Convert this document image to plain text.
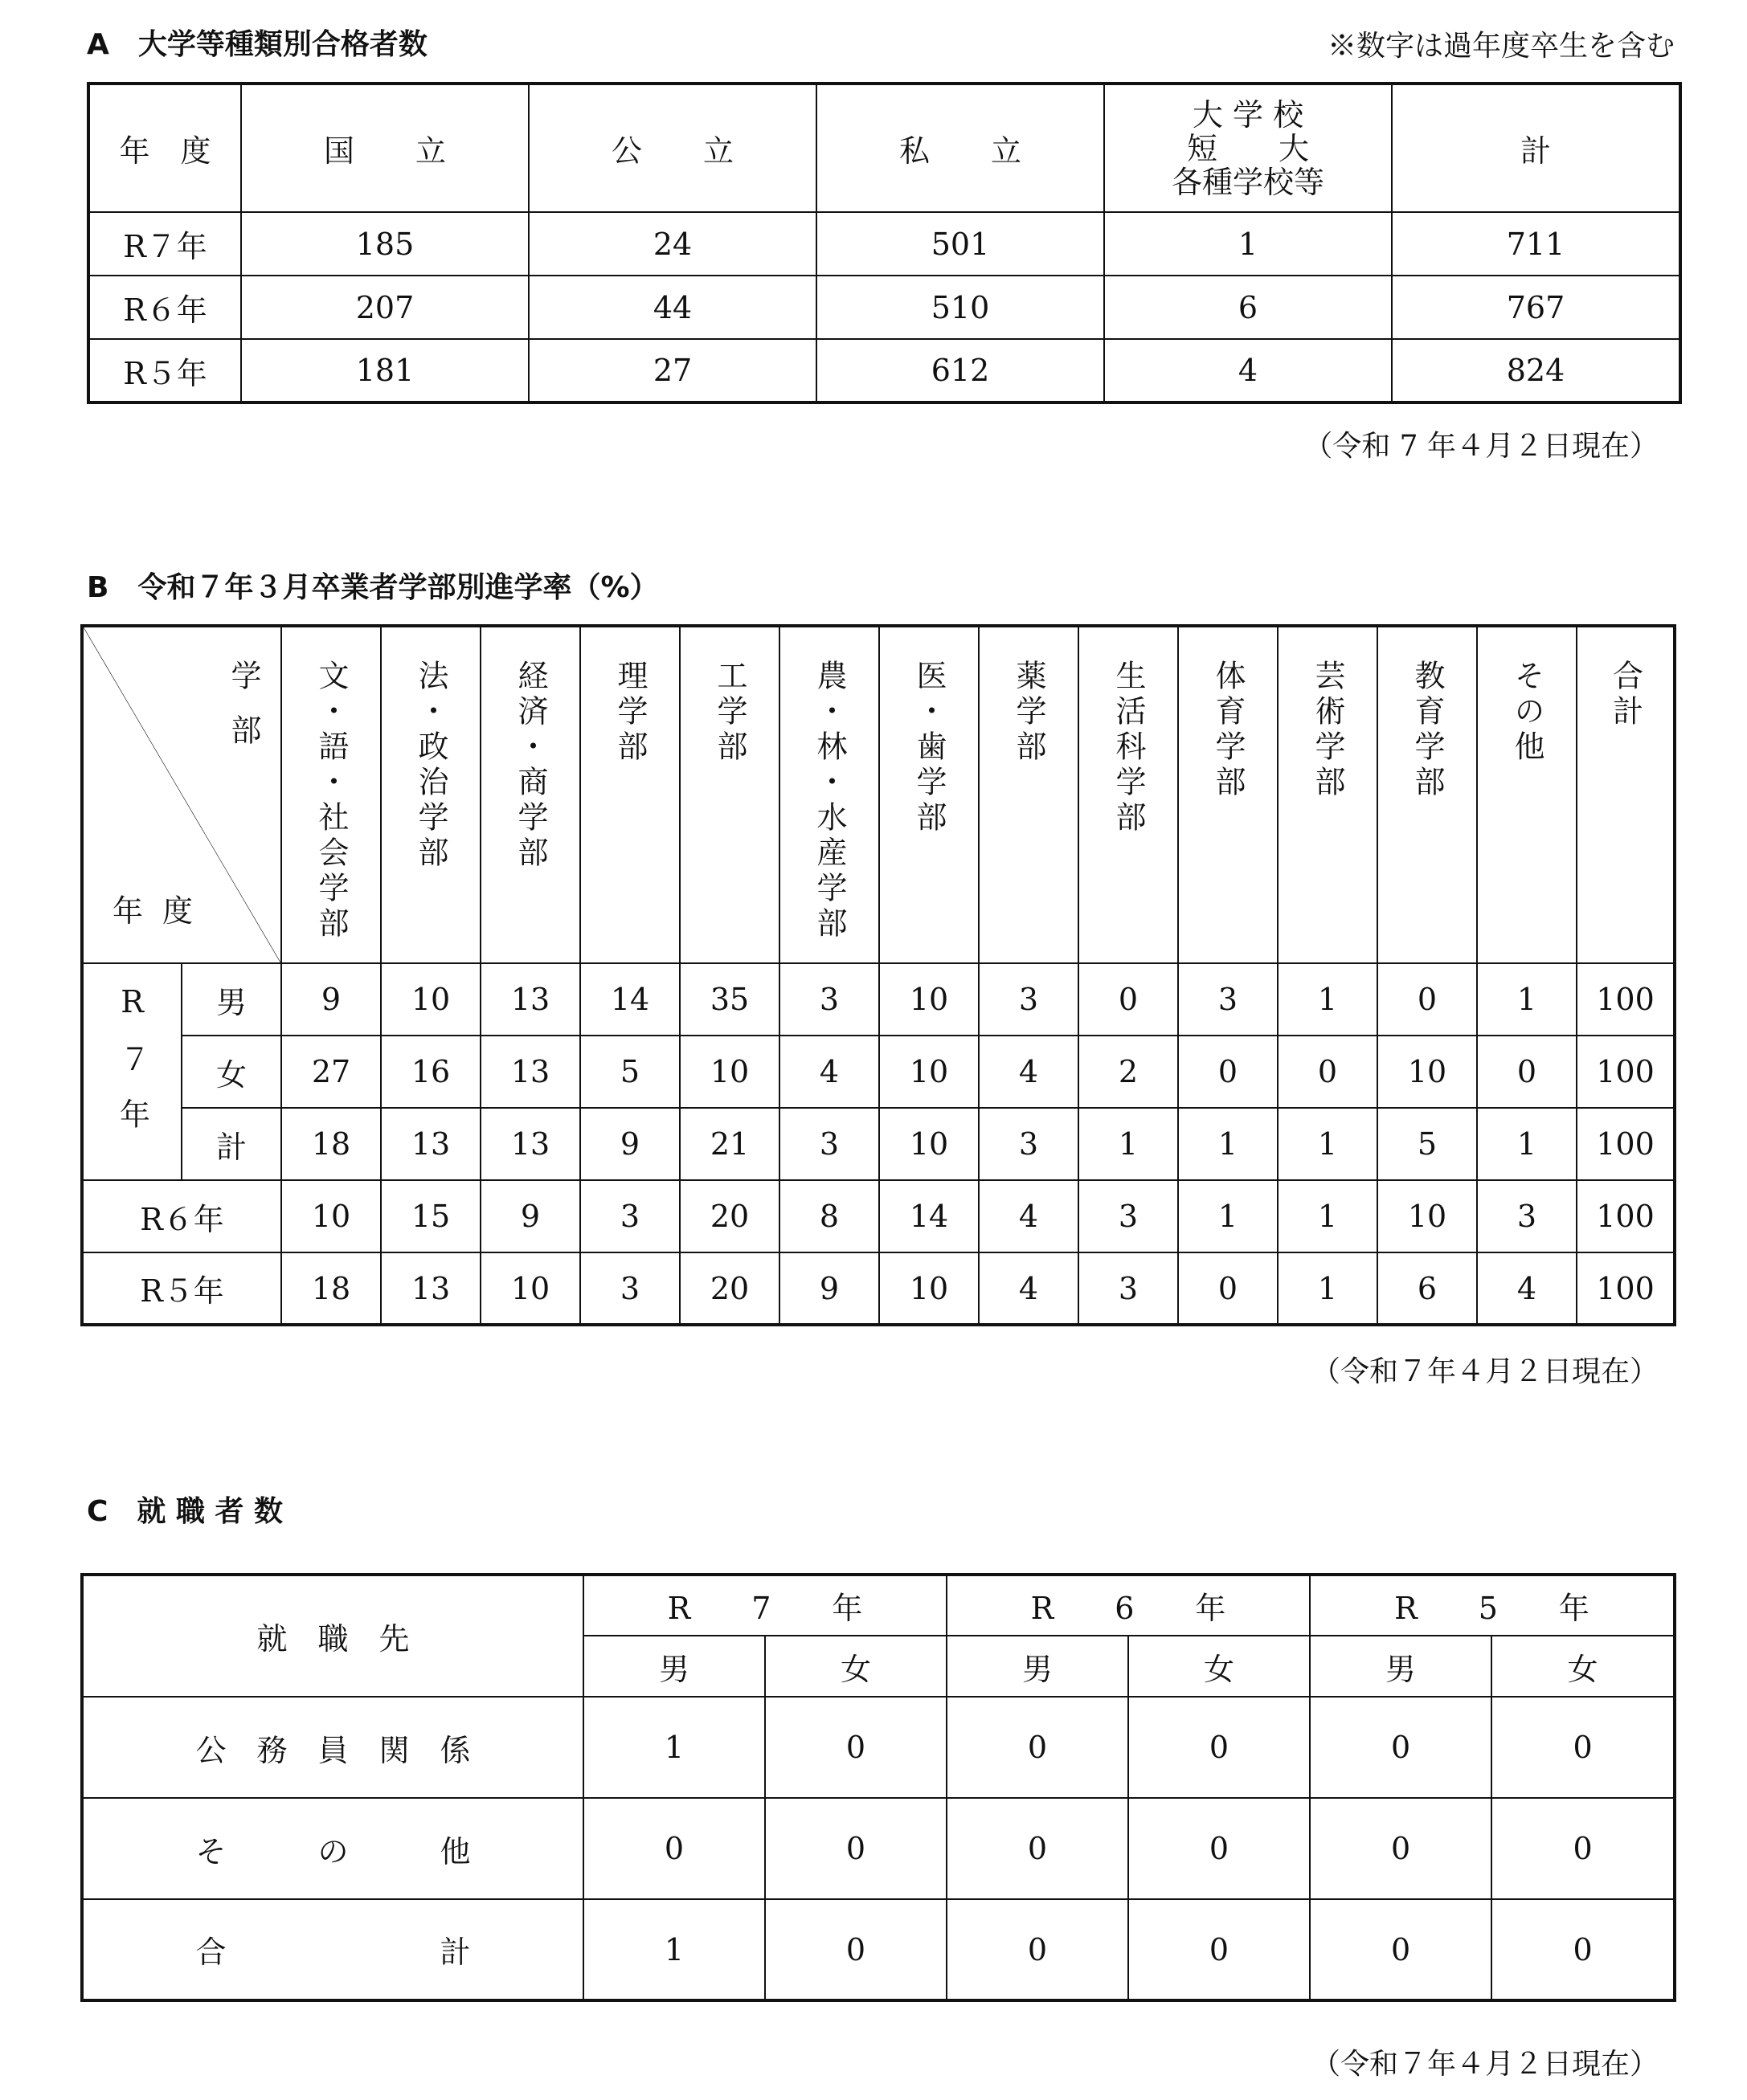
A　大学等種類別合格者数	※数字は過年度卒生を含む
年　度	国　　立	公　　立	私　　立	大 学 校
短　　大
各種学校等	計
R７年	185	24	501	1	711
R６年	207	44	510	6	767
R５年	181	27	612	4	824
（令和 7 年４月２日現在）
B　令和７年３月卒業者学部別進学率（%）
学部
年度		文・語・社会学部	法・政治学部	経済・商学部	理学部	工学部	農・林・水産学部	医・歯学部	薬学部	生活科学部	体育学部	芸術学部	教育学部	その他	合計
R７年	男	9	10	13	14	35	3	10	3	0	3	1	0	1	100
	女	27	16	13	5	10	4	10	4	2	0	0	10	0	100
	計	18	13	13	9	21	3	10	3	1	1	1	5	1	100
R６年		10	15	9	3	20	8	14	4	3	1	1	10	3	100
R５年		18	13	10	3	20	9	10	4	3	0	1	6	4	100
（令和７年４月２日現在）
C　就 職 者 数
就　職　先	R　　7　　年		R　　6　　年		R　　5　　年	
	男	女	男	女	男	女
公　務　員　関　係	1	0	0	0	0	0
そ　　　の　　　他	0	0	0	0	0	0
合　　　　　　　計	1	0	0	0	0	0
（令和７年４月２日現在）
